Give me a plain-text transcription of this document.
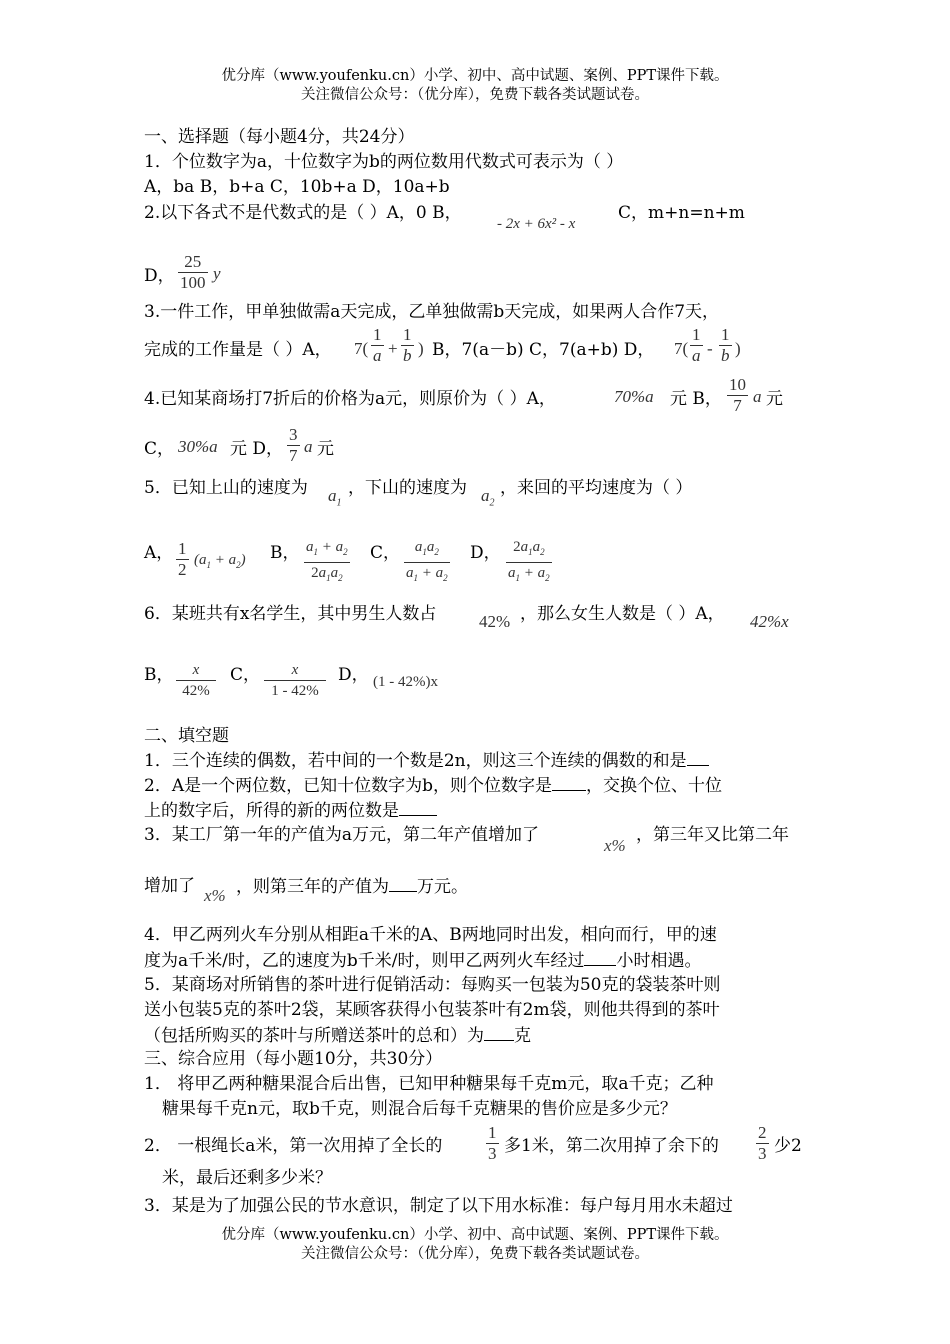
优分库（www.youfenku.cn）小学、初中、高中试题、案例、PPT课件下载。
关注微信公众号：（优分库），免费下载各类试题试卷。
一、选择题（每小题4分，共24分）
1．个位数字为a，十位数字为b的两位数用代数式可表示为（ ）
A，ba B，b+a C，10b+a D，10a+b
2.以下各式不是代数式的是（ ）A，0 B，
- 2x + 6x² - x
C，m+n=n+m
D，
25
100 y
3.一件工作，甲单独做需a天完成，乙单独做需b天完成，如果两人合作7天，
完成的工作量是（ ）A， 7(
1
a +
1
b ) B，7(a－b) C，7(a+b) D， 7(
1
a -
1
b )
4.已知某商场打7折后的价格为a元，则原价为（ ）A，	70%a 元 B，
10
7 a 元
C， 30%a 元 D，
3
7 a 元
5．已知上山的速度为 $a_1$
，下山的速度为 $a_2$
，来回的平均速度为（ ）
A， 1
2 $(a_1 + a_2)$ B， $a_1 + a_2$
$2a_1a_2$
C， $a_1a_2$
$a_1 + a_2$
D， $2a_1a_2$
$a_1 + a_2$
6．某班共有x名学生，其中男生人数占	42% ，那么女生人数是（ ）A， 42%x
B， x
42%
C， x
1 - 42%
D， (1 - 42%)x
二、填空题
1．三个连续的偶数，若中间的一个数是2n，则这三个连续的偶数的和是
2．A是一个两位数，已知十位数字为b，则个位数字是 ，交换个位、十位
上的数字后，所得的新的两位数是
3．某工厂第一年的产值为a万元，第二年产值增加了
x%
，第三年又比第二年
增加了 x% ，则第三年的产值为 万元。
4．甲乙两列火车分别从相距a千米的A、B两地同时出发，相向而行，甲的速
度为a千米/时，乙的速度为b千米/时，则甲乙两列火车经过 小时相遇。
5．某商场对所销售的茶叶进行促销活动：每购买一包装为50克的袋装茶叶则
送小包装5克的茶叶2袋，某顾客获得小包装茶叶有2m袋，则他共得到的茶叶
（包括所购买的茶叶与所赠送茶叶的总和）为 克
三、综合应用（每小题10分，共30分）
1． 将甲乙两种糖果混合后出售，已知甲种糖果每千克m元，取a千克；乙种
糖果每千克n元，取b千克，则混合后每千克糖果的售价应是多少元？
2． 一根绳长a米，第一次用掉了全长的
1
3 多1米，第二次用掉了余下的
2
3 少2
米，最后还剩多少米？
3．某是为了加强公民的节水意识，制定了以下用水标准：每户每月用水未超过
优分库（www.youfenku.cn）小学、初中、高中试题、案例、PPT课件下载。
关注微信公众号：（优分库），免费下载各类试题试卷。
